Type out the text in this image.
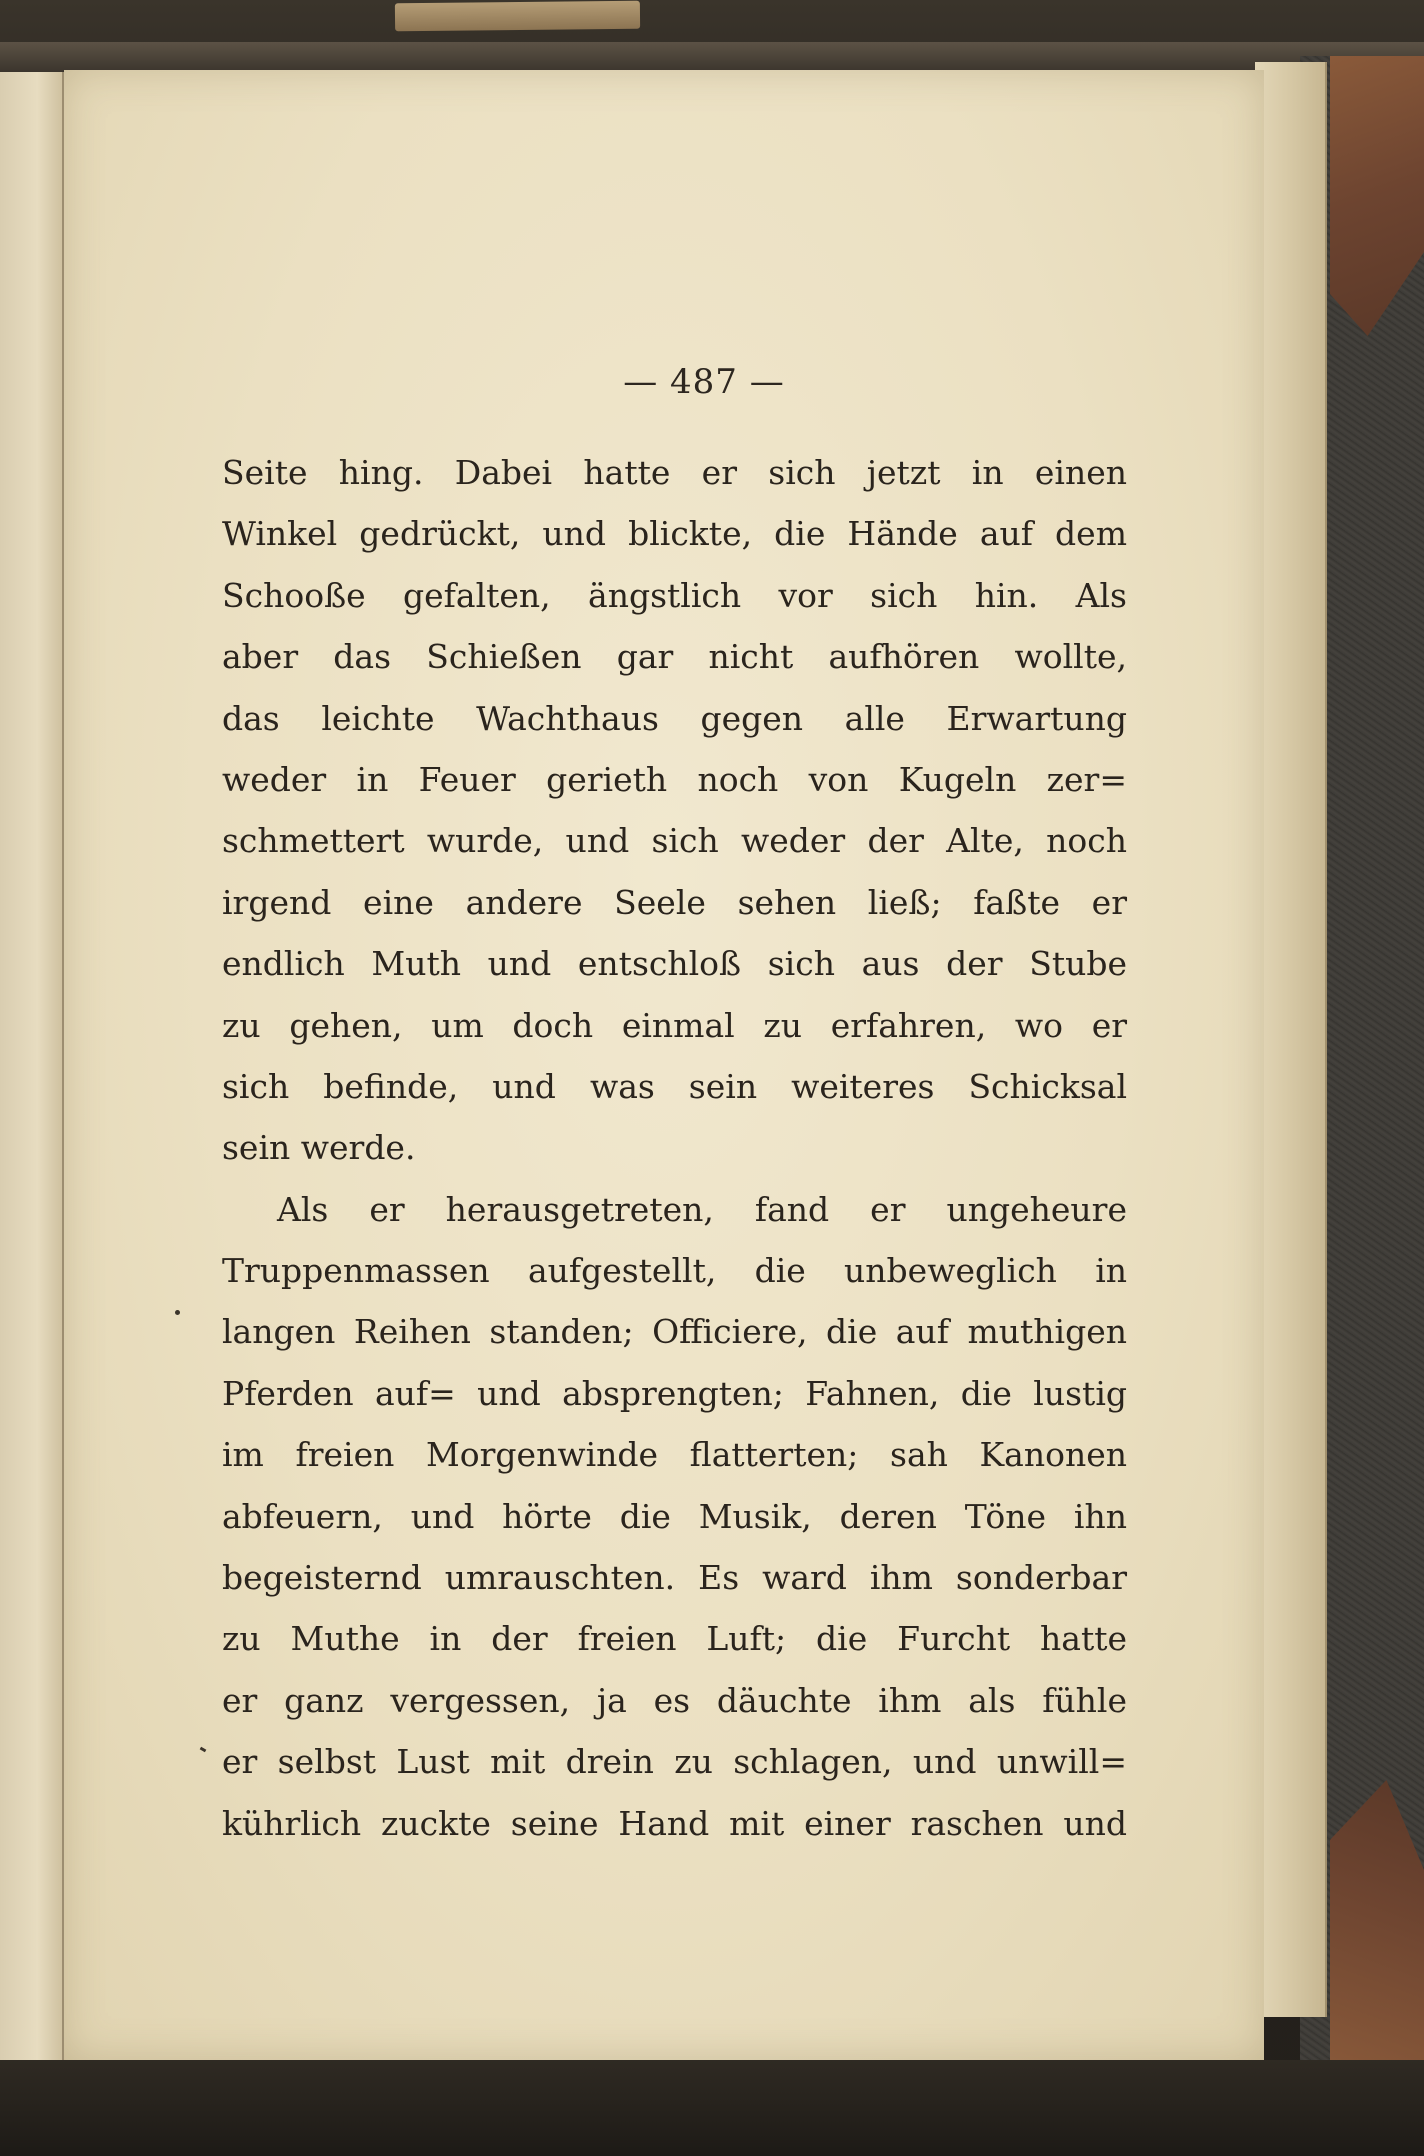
— 487 —
Seite hing. Dabei hatte er sich jetzt in einen
Winkel gedrückt, und blickte, die Hände auf dem
Schooße gefalten, ängstlich vor sich hin. Als
aber das Schießen gar nicht aufhören wollte,
das leichte Wachthaus gegen alle Erwartung
weder in Feuer gerieth noch von Kugeln zer=
schmettert wurde, und sich weder der Alte, noch
irgend eine andere Seele sehen ließ; faßte er
endlich Muth und entschloß sich aus der Stube
zu gehen, um doch einmal zu erfahren, wo er
sich befinde, und was sein weiteres Schicksal
sein werde.
Als er herausgetreten, fand er ungeheure
Truppenmassen aufgestellt, die unbeweglich in
langen Reihen standen; Officiere, die auf muthigen
Pferden auf= und absprengten; Fahnen, die lustig
im freien Morgenwinde flatterten; sah Kanonen
abfeuern, und hörte die Musik, deren Töne ihn
begeisternd umrauschten. Es ward ihm sonderbar
zu Muthe in der freien Luft; die Furcht hatte
er ganz vergessen, ja es däuchte ihm als fühle
er selbst Lust mit drein zu schlagen, und unwill=
kührlich zuckte seine Hand mit einer raschen und
